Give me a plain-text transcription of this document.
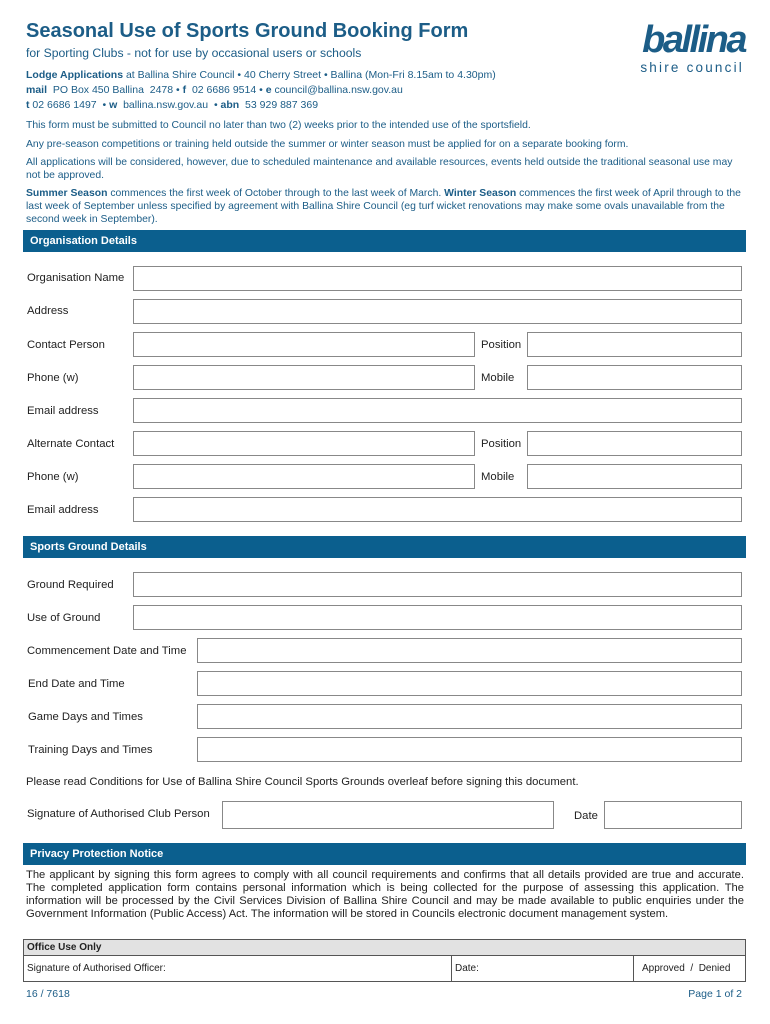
Seasonal Use of Sports Ground Booking Form
for Sporting Clubs - not for use by occasional users or schools	ballina
shire council
Lodge Applications at Ballina Shire Council • 40 Cherry Street • Ballina (Mon-Fri 8.15am to 4.30pm)
mail  PO Box 450 Ballina  2478 • f  02 6686 9514 • e council@ballina.nsw.gov.au
t 02 6686 1497  • w  ballina.nsw.gov.au  • abn  53 929 887 369
This form must be submitted to Council no later than two (2) weeks prior to the intended use of the sportsfield.
Any pre-season competitions or training held outside the summer or winter season must be applied for on a separate booking form.
All applications will be considered, however, due to scheduled maintenance and available resources, events held outside the traditional seasonal use may not be approved.
Summer Season commences the first week of October through to the last week of March. Winter Season commences the first week of April through to the last week of September unless specified by agreement with Ballina Shire Council (eg turf wicket renovations may make some ovals unavailable from the second week in September).
Organisation Details
Organisation Name
Address
Contact Person	Position
Phone (w)	Mobile
Email address
Alternate Contact	Position
Phone (w)	Mobile
Email address
Sports Ground Details
Ground Required
Use of Ground
Commencement Date and Time
End Date and Time
Game Days and Times
Training Days and Times
Please read Conditions for Use of Ballina Shire Council Sports Grounds overleaf before signing this document.
Signature of Authorised Club Person	Date
Privacy Protection Notice
The applicant by signing this form agrees to comply with all council requirements and confirms that all details provided are true and accurate. The completed application form contains personal information which is being collected for the purpose of assessing this application. The information will be processed by the Civil Services Division of Ballina Shire Council and may be made available to public enquiries under the Government Information (Public Access) Act. The information will be stored in Councils electronic document management system.
Office Use Only
Signature of Authorised Officer:	Date:	Approved  /  Denied
16 / 7618	Page 1 of 2
